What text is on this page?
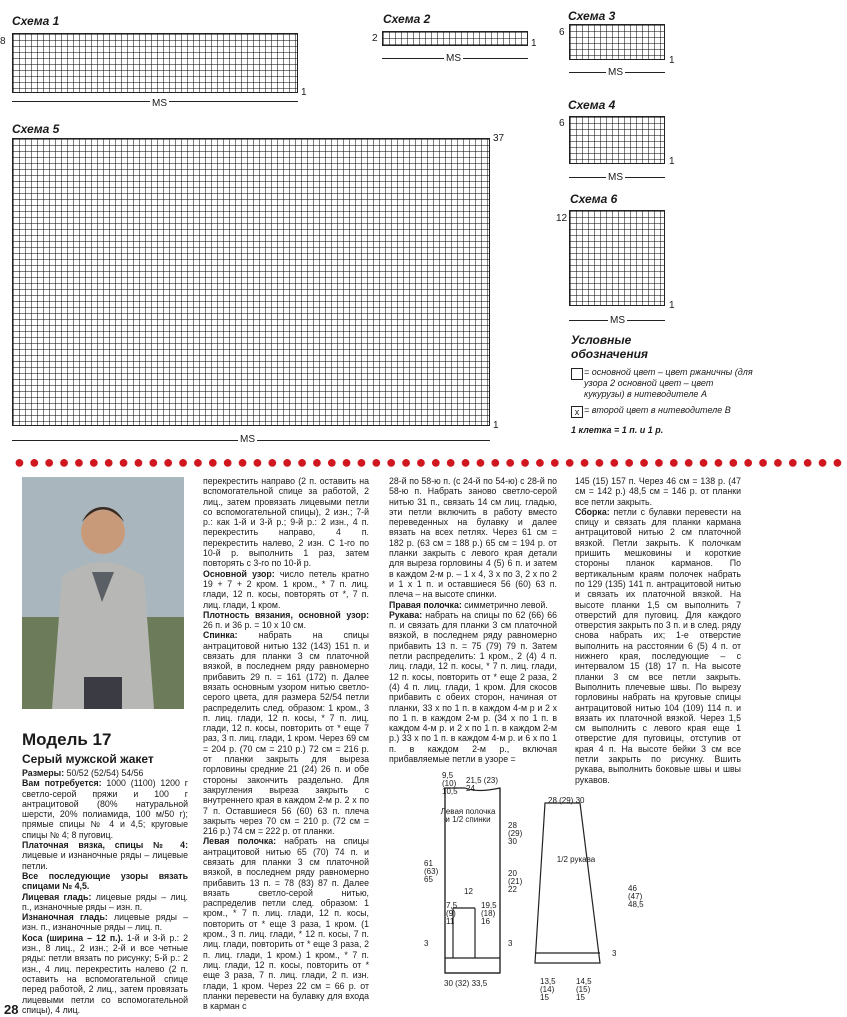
Схема 1
8
1
MS
Схема 2
2	1
MS
Схема 3
6
1
MS
Схема 4
6
1
MS
Схема 5
37
1
MS
Схема 6
12
1
MS
Условные обозначения
= основной цвет – цвет ржаничны (для узора 2 основной цвет – цвет кукурузы) в нитеводителе А
x = второй цвет в нитеводителе В
1 клетка = 1 п. и 1 р.
●●●●●●●●●●●●●●●●●●●●●●●●●●●●●●●●●●●●●●●●●●●●●●●●●●●●●●●●
Модель 17
Серый мужской жакет

Размеры: 50/52 (52/54) 54/56

Вам потребуется: 1000 (1100) 1200 г светло-серой пряжи и 100 г антрацитовой (80% натуральной шерсти, 20% полиамида, 100 м/50 г); прямые спицы № 4 и 4,5; круговые спицы № 4; 8 пуговиц.

Платочная вязка, спицы № 4: лицевые и изнаночные ряды – лицевые петли.

Все последующие узоры вязать спицами № 4,5.

Лицевая гладь: лицевые ряды – лиц. п., изнаночные ряды – изн. п.

Изнаночная гладь: лицевые ряды – изн. п., изнаночные ряды – лиц. п.

Коса (ширина – 12 п.). 1-й и 3-й р.: 2 изн., 8 лиц., 2 изн.; 2-й и все четные ряды: петли вязать по рисунку; 5-й р.: 2 изн., 4 лиц. перекрестить налево (2 п. оставить на вспомогательной спице перед работой, 2 лиц., затем провязать лицевыми петли со вспомогательной спицы), 4 лиц.

перекрестить направо (2 п. оставить на вспомогательной спице за работой, 2 лиц., затем провязать лицевыми петли со вспомогательной спицы), 2 изн.; 7-й р.: как 1-й и 3-й р.; 9-й р.: 2 изн., 4 п. перекрестить направо, 4 п. перекрестить налево, 2 изн. С 1-го по 10-й р. выполнить 1 раз, затем повторять с 3-го по 10-й р.

Основной узор: число петель кратно 19 + 7 + 2 кром. 1 кром., * 7 п. лиц. глади, 12 п. косы, повторять от *, 7 п. лиц. глади, 1 кром.

Плотность вязания, основной узор: 26 п. и 36 р. = 10 x 10 см.

Спинка: набрать на спицы антрацитовой нитью 132 (143) 151 п. и связать для планки 3 см платочной вязкой, в последнем ряду равномерно прибавить 29 п. = 161 (172) п. Далее вязать основным узором нитью светло-серого цвета, для размера 52/54 петли распределить след. образом: 1 кром., 3 п. лиц. глади, 12 п. косы, * 7 п. лиц. глади, 12 п. косы, повторить от * еще 7 раз, 3 п. лиц. глади, 1 кром. Через 69 см = 204 р. (70 см = 210 р.) 72 см = 216 р. от планки закрыть для выреза горловины средние 21 (24) 26 п. и обе стороны закончить раздельно. Для закругления выреза закрыть с внутреннего края в каждом 2-м р. 2 x по 7 п. Оставшиеся 56 (60) 63 п. плеча закрыть через 70 см = 210 р. (72 см = 216 р.) 74 см = 222 р. от планки.

Левая полочка: набрать на спицы антрацитовой нитью 65 (70) 74 п. и связать для планки 3 см платочной вязкой, в последнем ряду равномерно прибавить 13 п. = 78 (83) 87 п. Далее вязать светло-серой нитью, распределив петли след. образом: 1 кром., * 7 п. лиц. глади, 12 п. косы, повторить от * еще 3 раза, 1 кром. (1 кром., 3 п. лиц. глади, * 12 п. косы, 7 п. лиц. глади, повторить от * еще 3 раза, 2 п. лиц. глади, 1 кром.) 1 кром., * 7 п. лиц. глади, 12 п. косы, повторить от * еще 3 раза, 7 п. лиц. глади, 2 п. изн. глади, 1 кром. Через 22 см = 66 р. от планки перевести на булавку для входа в карман с

28-й по 58-ю п. (с 24-й по 54-ю) с 28-й по 58-ю п. Набрать заново светло-серой нитью 31 п., связать 14 см лиц. гладью, эти петли включить в работу вместо переведенных на булавку и далее вязать на всех петлях. Через 61 см = 182 р. (63 см = 188 р.) 65 см = 194 р. от планки закрыть с левого края детали для выреза горловины 4 (5) 6 п. и затем в каждом 2-м р. – 1 x 4, 3 x по 3, 2 x по 2 и 1 x 1 п. и оставшиеся 56 (60) 63 п. плеча – на высоте спинки.

Правая полочка: симметрично левой.

Рукава: набрать на спицы по 62 (66) 66 п. и связать для планки 3 см платочной вязкой, в последнем ряду равномерно прибавить 13 п. = 75 (79) 79 п. Затем петли распределить: 1 кром., 2 (4) 4 п. лиц. глади, 12 п. косы, * 7 п. лиц. глади, 12 п. косы, повторить от * еще 2 раза, 2 (4) 4 п. лиц. глади, 1 кром. Для скосов прибавить с обеих сторон, начиная от планки, 33 x по 1 п. в каждом 4-м р и 2 x по 1 п. в каждом 2-м р. (34 x по 1 п. в каждом 4-м р. и 2 x по 1 п. в каждом 2-м р.) 33 x по 1 п. в каждом 4-м р. и 6 x по 1 п. в каждом 2-м р., включая прибавляемые петли в узоре =

145 (15) 157 п. Через 46 см = 138 р. (47 см = 142 р.) 48,5 см = 146 р. от планки все петли закрыть.

Сборка: петли с булавки перевести на спицу и связать для планки кармана антрацитовой нитью 2 см платочной вязкой. Петли закрыть. К полочкам пришить мешковины и короткие стороны планок карманов. По вертикальным краям полочек набрать по 129 (135) 141 п. антрацитовой нитью и связать их платочной вязкой. На высоте планки 1,5 см выполнить 7 отверстий для пуговиц. Для каждого отверстия закрыть по 3 п. и в след. ряду снова набрать их; 1-е отверстие выполнить на расстоянии 6 (5) 4 п. от нижнего края, последующие – с интервалом 15 (18) 17 п. На высоте планки 3 см все петли закрыть. Выполнить плечевые швы. По вырезу горловины набрать на круговые спицы антрацитовой нитью 104 (109) 114 п. и вязать их платочной вязкой. Через 1,5 см выполнить с левого края еще 1 отверстие для пуговицы, отступив от края 4 п. На высоте бейки 3 см все петли закрыть по рисунку. Вшить рукава, выполнить боковые швы и швы рукавов.

Левая полочка и 1/2 спинки
1/2 рукава
9,5 (10) 10,5
21,5 (23) 24
28 (29) 30
61 (63) 65
3
20 (21) 22
12
7,5 (9) 11
19,5 (18) 16
3
30 (32) 33,5
28 (29) 30
46 (47) 48,5
13,5 (14) 15
14,5 (15) 15
3
28
